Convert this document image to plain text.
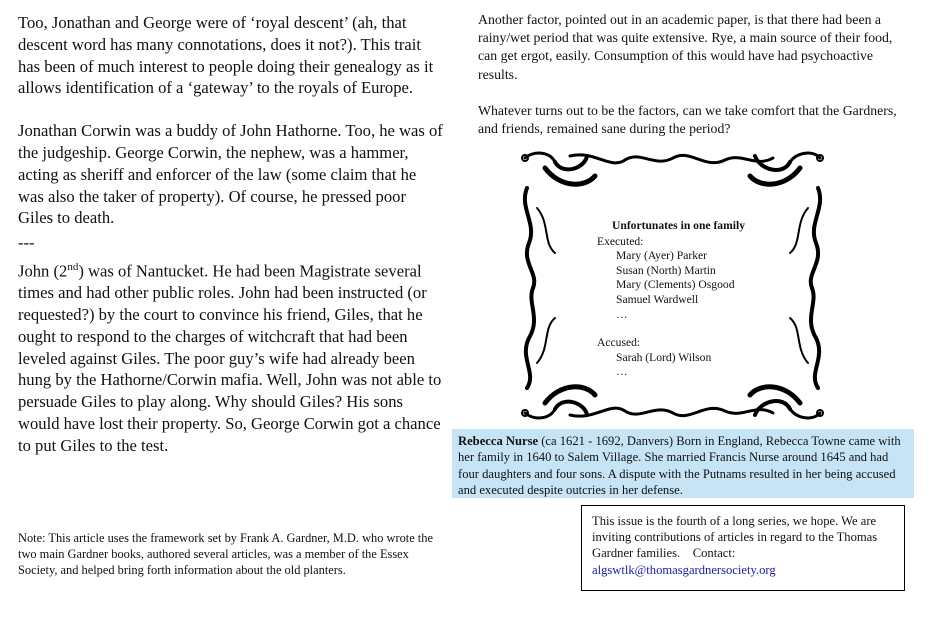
Too, Jonathan and George were of ‘royal descent’ (ah, that descent word has many connotations, does it not?). This trait has been of much interest to people doing their genealogy as it allows identification of a ‘gateway’ to the royals of Europe.

Jonathan Corwin was a buddy of John Hathorne. Too, he was of the judgeship. George Corwin, the nephew, was a hammer, acting as sheriff and enforcer of the law (some claim that he was also the taker of property). Of course, he pressed poor Giles to death.

---

John (2nd) was of Nantucket. He had been Magistrate several times and had other public roles. John had been instructed (or requested?) by the court to convince his friend, Giles, that he ought to respond to the charges of witchcraft that had been leveled against Giles. The poor guy’s wife had already been hung by the Hathorne/Corwin mafia. Well, John was not able to persuade Giles to play along. Why should Giles? His sons would have lost their property. So, George Corwin got a chance to put Giles to the test.

Note: This article uses the framework set by Frank A. Gardner, M.D. who wrote the two main Gardner books, authored several articles, was a member of the Essex Society, and helped bring forth information about the old planters.

Another factor, pointed out in an academic paper, is that there had been a rainy/wet period that was quite extensive. Rye, a main source of their food, can get ergot, easily. Consumption of this would have had psychoactive results.

Whatever turns out to be the factors, can we take comfort that the Gardners, and friends, remained sane during the period?

Unfortunates in one family
Executed:
Mary (Ayer) Parker
Susan (North) Martin
Mary (Clements) Osgood
Samuel Wardwell
…
Accused:
Sarah (Lord) Wilson
…
Rebecca Nurse (ca 1621 - 1692, Danvers) Born in England, Rebecca Towne came with her family in 1640 to Salem Village. She married Francis Nurse around 1645 and had four daughters and four sons. A dispute with the Putnams resulted in her being accused and executed despite outcries in her defense.
This issue is the fourth of a long series, we hope. We are inviting contributions of articles in regard to the Thomas Gardner families.    Contact:
algswtlk@thomasgardnersociety.org
